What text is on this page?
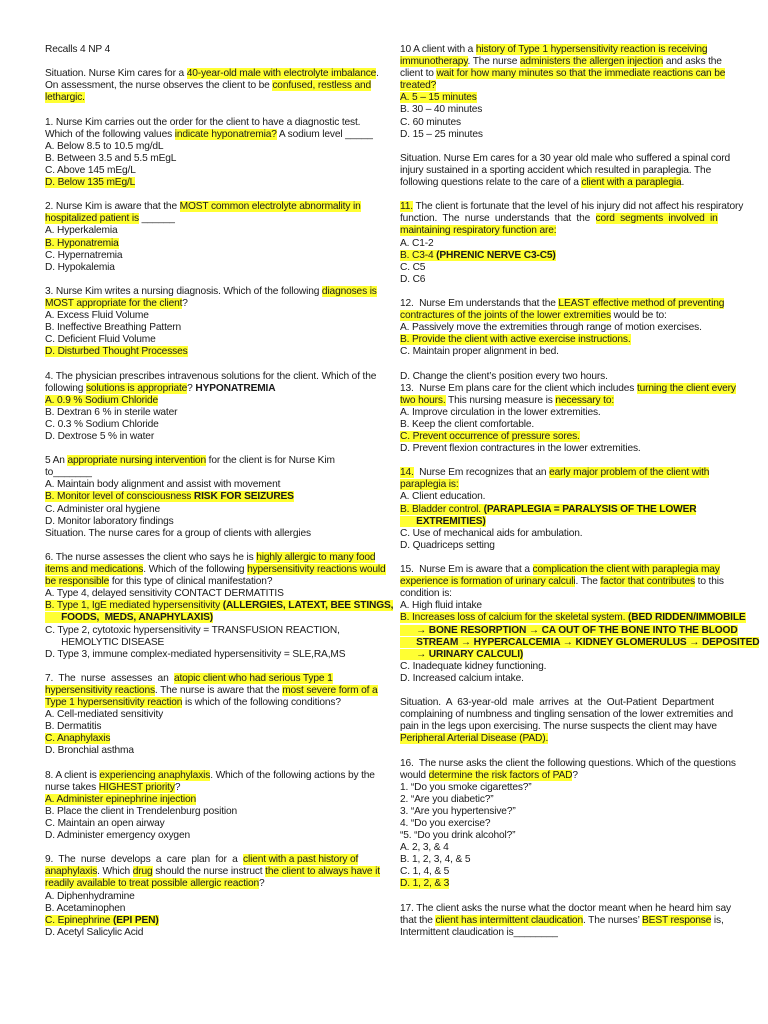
Recalls 4 NP 4
Situation. Nurse Kim cares for a 40-year-old male with electrolyte imbalance.
On assessment, the nurse observes the client to be confused, restless and
lethargic.
1. Nurse Kim carries out the order for the client to have a diagnostic test.
Which of the following values indicate hyponatremia? A sodium level _____
A. Below 8.5 to 10.5 mg/dL
B. Between 3.5 and 5.5 mEgL
C. Above 145 mEg/L
D. Below 135 mEg/L
2. Nurse Kim is aware that the MOST common electrolyte abnormality in
hospitalized patient is ______
A. Hyperkalemia
B. Hyponatremia
C. Hypernatremia
D. Hypokalemia
3. Nurse Kim writes a nursing diagnosis. Which of the following diagnoses is
MOST appropriate for the client?
A. Excess Fluid Volume
B. Ineffective Breathing Pattern
C. Deficient Fluid Volume
D. Disturbed Thought Processes
4. The physician prescribes intravenous solutions for the client. Which of the
following solutions is appropriate? HYPONATREMIA
A. 0.9 % Sodium Chloride
B. Dextran 6 % in sterile water
C. 0.3 % Sodium Chloride
D. Dextrose 5 % in water
5 An appropriate nursing intervention for the client is for Nurse Kim
to_______
A. Maintain body alignment and assist with movement
B. Monitor level of consciousness RISK FOR SEIZURES
C. Administer oral hygiene
D. Monitor laboratory findings
Situation. The nurse cares for a group of clients with allergies
6. The nurse assesses the client who says he is highly allergic to many food
items and medications. Which of the following hypersensitivity reactions would
be responsible for this type of clinical manifestation?
A. Type 4, delayed sensitivity CONTACT DERMATITIS
B. Type 1, IgE mediated hypersensitivity (ALLERGIES, LATEXT, BEE STINGS,
FOODS,  MEDS, ANAPHYLAXIS)
C. Type 2, cytotoxic hypersensitivity = TRANSFUSION REACTION,
HEMOLYTIC DISEASE
D. Type 3, immune complex-mediated hypersensitivity = SLE,RA,MS
7.  The  nurse  assesses  an  atopic client who had serious Type 1
hypersensitivity reactions. The nurse is aware that the most severe form of a
Type 1 hypersensitivity reaction is which of the following conditions?
A. Cell-mediated sensitivity
B. Dermatitis
C. Anaphylaxis
D. Bronchial asthma
8. A client is experiencing anaphylaxis. Which of the following actions by the
nurse takes HIGHEST priority?
A. Administer epinephrine injection
B. Place the client in Trendelenburg position
C. Maintain an open airway
D. Administer emergency oxygen
9.  The  nurse  develops  a  care  plan  for  a  client with a past history of
anaphylaxis. Which drug should the nurse instruct the client to always have it
readily available to treat possible allergic reaction?
A. Diphenhydramine
B. Acetaminophen
C. Epinephrine (EPI PEN)
D. Acetyl Salicylic Acid
10 A client with a history of Type 1 hypersensitivity reaction is receiving
immunotherapy. The nurse administers the allergen injection and asks the
client to wait for how many minutes so that the immediate reactions can be
treated?
A. 5 – 15 minutes
B. 30 – 40 minutes
C. 60 minutes
D. 15 – 25 minutes
Situation. Nurse Em cares for a 30 year old male who suffered a spinal cord
injury sustained in a sporting accident which resulted in paraplegia. The
following questions relate to the care of a client with a paraplegia.
11. The client is fortunate that the level of his injury did not affect his respiratory
function.  The  nurse  understands  that  the  cord  segments  involved  in
maintaining respiratory function are:
A. C1-2
B. C3-4 (PHRENIC NERVE C3-C5)
C. C5
D. C6
12.  Nurse Em understands that the LEAST effective method of preventing
contractures of the joints of the lower extremities would be to:
A. Passively move the extremities through range of motion exercises.
B. Provide the client with active exercise instructions.
C. Maintain proper alignment in bed.
D. Change the client’s position every two hours.
13.  Nurse Em plans care for the client which includes turning the client every
two hours. This nursing measure is necessary to:
A. Improve circulation in the lower extremities.
B. Keep the client comfortable.
C. Prevent occurrence of pressure sores.
D. Prevent flexion contractures in the lower extremities.
14.  Nurse Em recognizes that an early major problem of the client with
paraplegia is:
A. Client education.
B. Bladder control. (PARAPLEGIA = PARALYSIS OF THE LOWER
EXTREMITIES)
C. Use of mechanical aids for ambulation.
D. Quadriceps setting
15.  Nurse Em is aware that a complication the client with paraplegia may
experience is formation of urinary calculi. The factor that contributes to this
condition is:
A. High fluid intake
B. Increases loss of calcium for the skeletal system. (BED RIDDEN/IMMOBILE
→ BONE RESORPTION → CA OUT OF THE BONE INTO THE BLOOD
STREAM → HYPERCALCEMIA → KIDNEY GLOMERULUS → DEPOSITED
→ URINARY CALCULI)
C. Inadequate kidney functioning.
D. Increased calcium intake.
Situation.  A  63-year-old  male  arrives  at  the  Out-Patient  Department
complaining of numbness and tingling sensation of the lower extremities and
pain in the legs upon exercising. The nurse suspects the client may have
Peripheral Arterial Disease (PAD).
16.  The nurse asks the client the following questions. Which of the questions
would determine the risk factors of PAD?
1. “Do you smoke cigarettes?”
2. “Are you diabetic?”
3. “Are you hypertensive?”
4. “Do you exercise?
“5. “Do you drink alcohol?”
A. 2, 3, & 4
B. 1, 2, 3, 4, & 5
C. 1, 4, & 5
D. 1, 2, & 3
17. The client asks the nurse what the doctor meant when he heard him say
that the client has intermittent claudication. The nurses’ BEST response is,
Intermittent claudication is________
